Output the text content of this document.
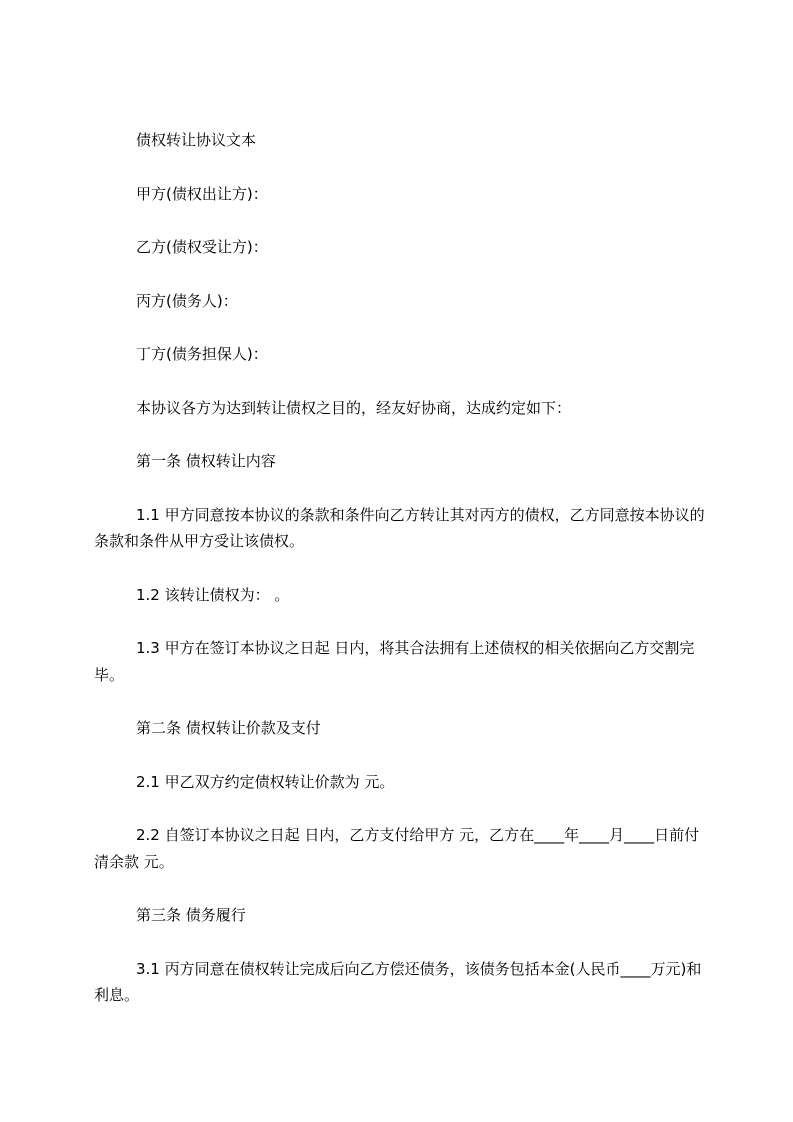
债权转让协议文本

甲方(债权出让方)：

乙方(债权受让方)：

丙方(债务人)：

丁方(债务担保人)：

本协议各方为达到转让债权之目的，经友好协商，达成约定如下：

第一条 债权转让内容

1.1 甲方同意按本协议的条款和条件向乙方转让其对丙方的债权，乙方同意按本协议的条款和条件从甲方受让该债权。

1.2 该转让债权为： 。

1.3 甲方在签订本协议之日起 日内，将其合法拥有上述债权的相关依据向乙方交割完毕。

第二条 债权转让价款及支付

2.1 甲乙双方约定债权转让价款为 元。

2.2 自签订本协议之日起 日内，乙方支付给甲方 元，乙方在____年____月____日前付清余款 元。

第三条 债务履行

3.1 丙方同意在债权转让完成后向乙方偿还债务，该债务包括本金(人民币____万元)和利息。
